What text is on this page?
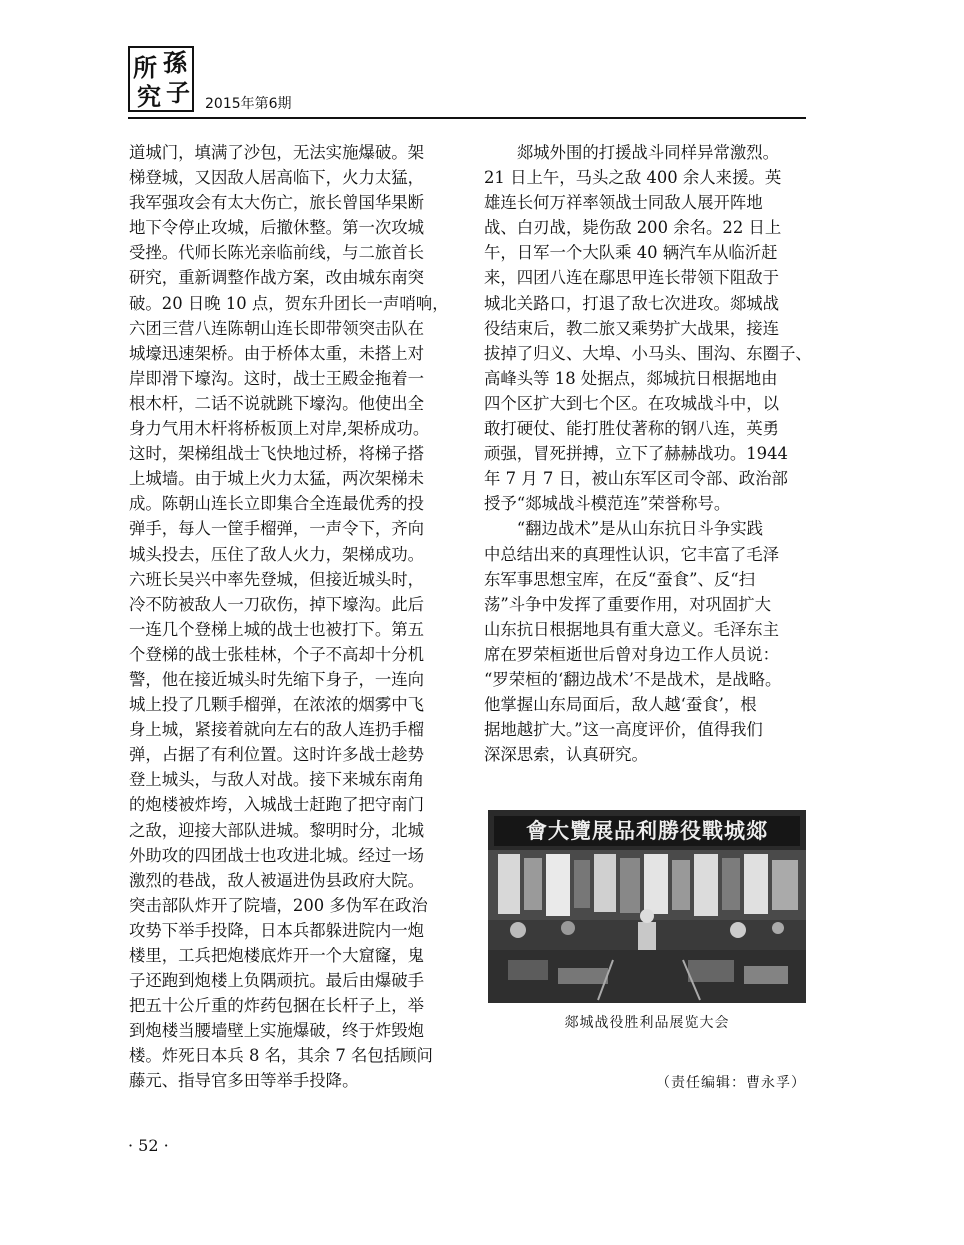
所 孫
究 子 2015年第6期
道城门，填满了沙包，无法实施爆破。架
梯登城，又因敌人居高临下，火力太猛，
我军强攻会有太大伤亡，旅长曾国华果断
地下令停止攻城，后撤休整。第一次攻城
受挫。代师长陈光亲临前线，与二旅首长
研究，重新调整作战方案，改由城东南突
破。20 日晚 10 点，贺东升团长一声哨响，
六团三营八连陈朝山连长即带领突击队在
城壕迅速架桥。由于桥体太重，未搭上对
岸即滑下壕沟。这时，战士王殿金拖着一
根木杆，二话不说就跳下壕沟。他使出全
身力气用木杆将桥板顶上对岸,架桥成功。
这时，架梯组战士飞快地过桥，将梯子搭
上城墙。由于城上火力太猛，两次架梯未
成。陈朝山连长立即集合全连最优秀的投
弹手，每人一筐手榴弹，一声令下，齐向
城头投去，压住了敌人火力，架梯成功。
六班长吴兴中率先登城，但接近城头时，
冷不防被敌人一刀砍伤，掉下壕沟。此后
一连几个登梯上城的战士也被打下。第五
个登梯的战士张桂林，个子不高却十分机
警，他在接近城头时先缩下身子，一连向
城上投了几颗手榴弹，在浓浓的烟雾中飞
身上城，紧接着就向左右的敌人连扔手榴
弹，占据了有利位置。这时许多战士趁势
登上城头，与敌人对战。接下来城东南角
的炮楼被炸垮，入城战士赶跑了把守南门
之敌，迎接大部队进城。黎明时分，北城
外助攻的四团战士也攻进北城。经过一场
激烈的巷战，敌人被逼进伪县政府大院。
突击部队炸开了院墙，200 多伪军在政治
攻势下举手投降，日本兵都躲进院内一炮
楼里，工兵把炮楼底炸开一个大窟窿，鬼
子还跑到炮楼上负隅顽抗。最后由爆破手
把五十公斤重的炸药包捆在长杆子上，举
到炮楼当腰墙壁上实施爆破，终于炸毁炮
楼。炸死日本兵 8 名，其余 7 名包括顾问
藤元、指导官多田等举手投降。
　　郯城外围的打援战斗同样异常激烈。
21 日上午，马头之敌 400 余人来援。英
雄连长何万祥率领战士同敌人展开阵地
战、白刃战，毙伤敌 200 余名。22 日上
午，日军一个大队乘 40 辆汽车从临沂赶
来，四团八连在鄢思甲连长带领下阻敌于
城北关路口，打退了敌七次进攻。郯城战
役结束后，教二旅又乘势扩大战果，接连
拔掉了归义、大埠、小马头、围沟、东圈子、
高峰头等 18 处据点，郯城抗日根据地由
四个区扩大到七个区。在攻城战斗中，以
敢打硬仗、能打胜仗著称的钢八连，英勇
顽强，冒死拼搏，立下了赫赫战功。1944
年 7 月 7 日，被山东军区司令部、政治部
授予“郯城战斗模范连”荣誉称号。
　　“翻边战术”是从山东抗日斗争实践
中总结出来的真理性认识，它丰富了毛泽
东军事思想宝库，在反“蚕食”、反“扫
荡”斗争中发挥了重要作用，对巩固扩大
山东抗日根据地具有重大意义。毛泽东主
席在罗荣桓逝世后曾对身边工作人员说：
“罗荣桓的‘翻边战术’不是战术，是战略。
他掌握山东局面后，敌人越‘蚕食’，根
据地越扩大。”这一高度评价，值得我们
深深思索，认真研究。
會大覽展品利勝役戰城郯
郯城战役胜利品展览大会
（责任编辑：曹永孚）
· 52 ·
